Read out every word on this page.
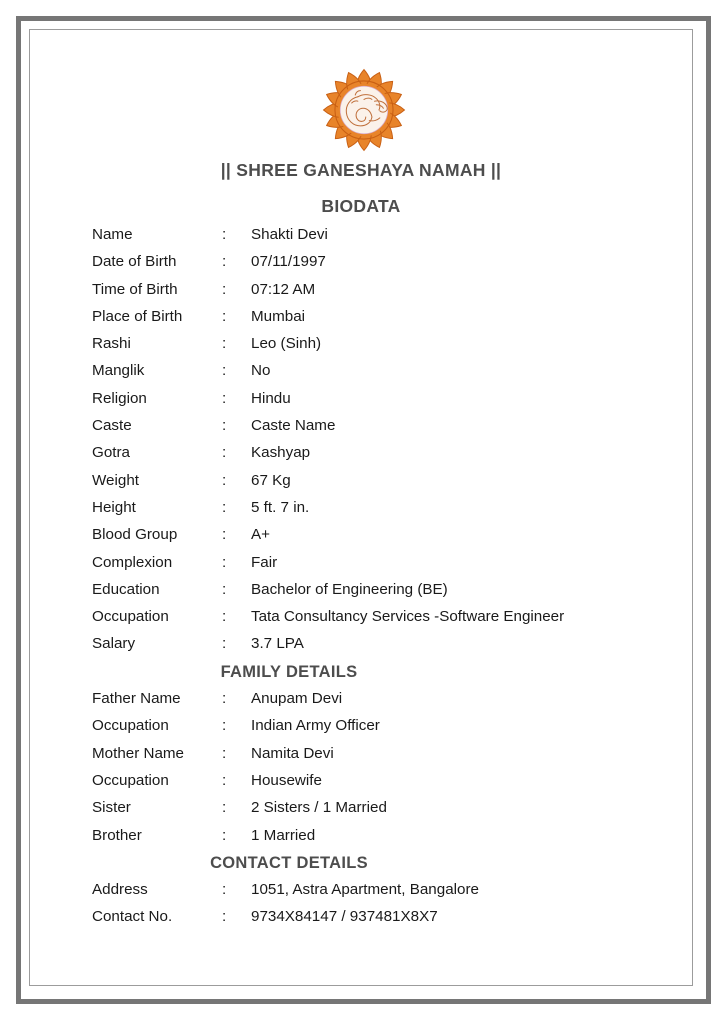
|| SHREE GANESHAYA NAMAH ||
BIODATA
Name	:	Shakti Devi
Date of Birth	:	07/11/1997
Time of Birth	:	07:12 AM
Place of Birth	:	Mumbai
Rashi	:	Leo (Sinh)
Manglik	:	No
Religion	:	Hindu
Caste	:	Caste Name
Gotra	:	Kashyap
Weight	:	67 Kg
Height	:	5 ft. 7 in.
Blood Group	:	A+
Complexion	:	Fair
Education	:	Bachelor of Engineering (BE)
Occupation	:	Tata Consultancy Services -Software Engineer
Salary	:	3.7 LPA
FAMILY DETAILS
Father Name	:	Anupam Devi
Occupation	:	Indian Army Officer
Mother Name	:	Namita Devi
Occupation	:	Housewife
Sister	:	2 Sisters / 1 Married
Brother	:	1 Married
CONTACT DETAILS
Address	:	1051, Astra Apartment, Bangalore
Contact No.	:	9734X84147 / 937481X8X7
